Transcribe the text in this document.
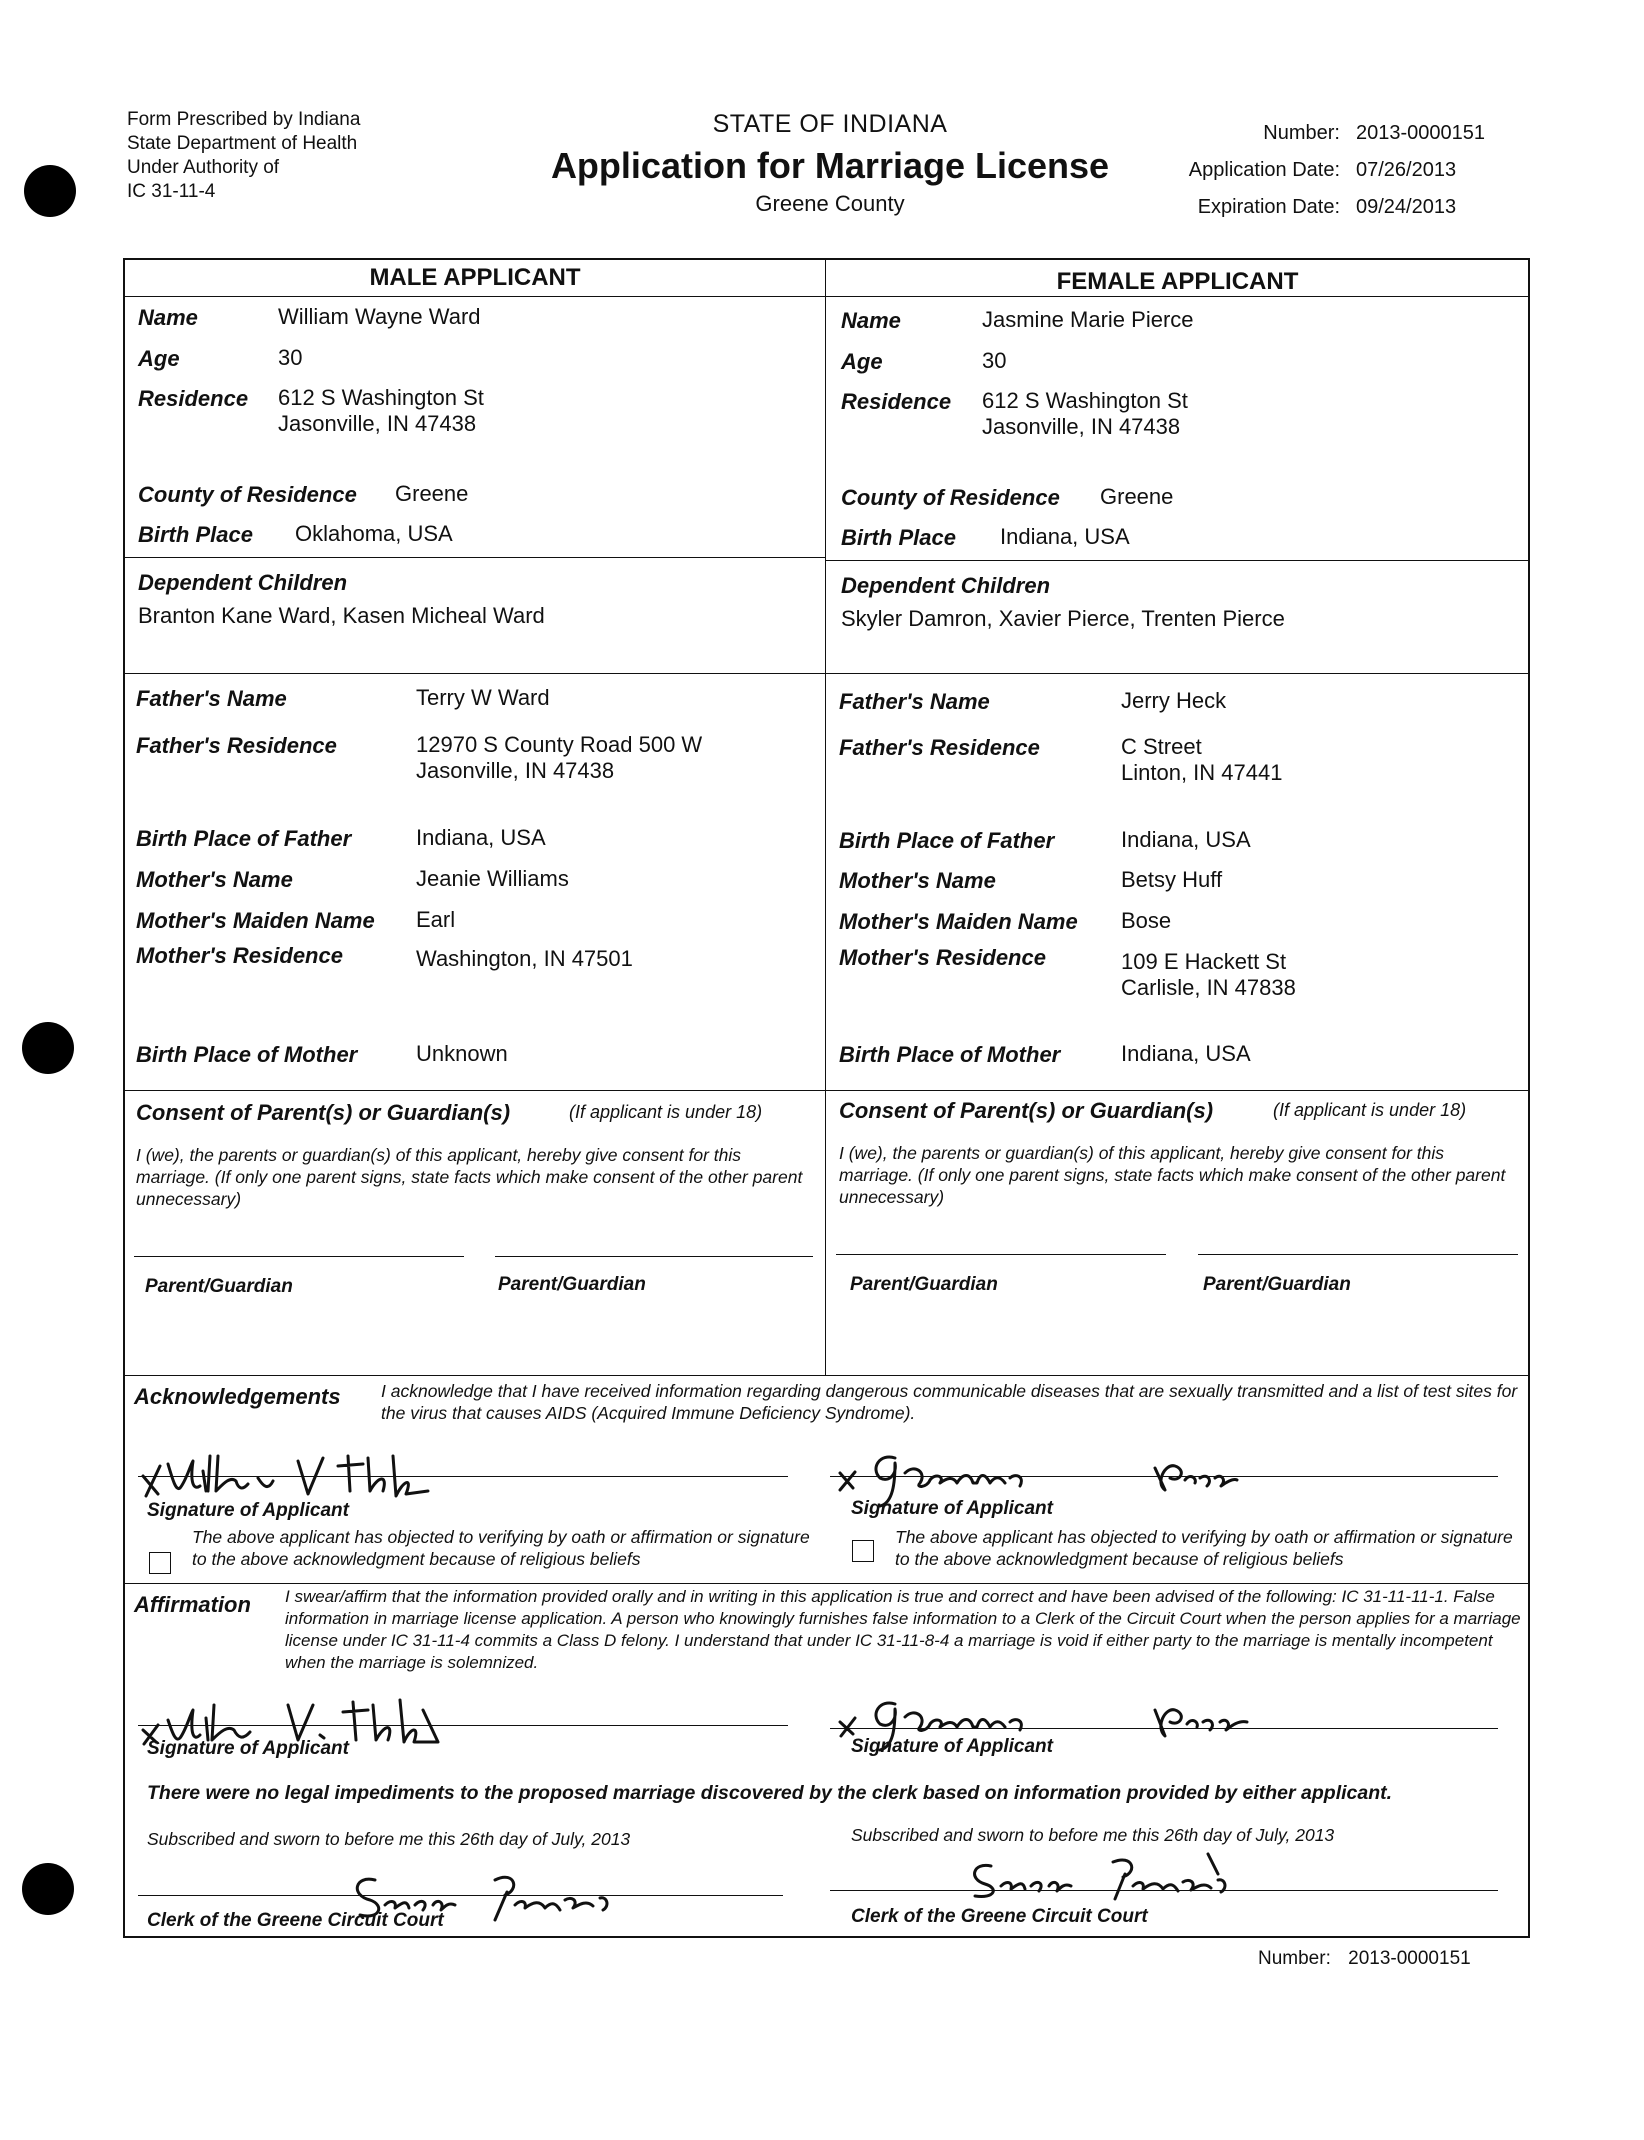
Form Prescribed by Indiana
State Department of Health
Under Authority of
IC 31-11-4
STATE OF INDIANA
Application for Marriage License
Greene County
Number: 2013-0000151
Application Date: 07/26/2013
Expiration Date: 09/24/2013
MALE APPLICANT	FEMALE APPLICANT
Name	William Wayne Ward
Age	30
Residence 612 S Washington St
Jasonville, IN 47438
County of Residence Greene
Birth Place Oklahoma, USA
Dependent Children
Branton Kane Ward, Kasen Micheal Ward
Father's Name	Terry W Ward
Father's Residence	12970 S County Road 500 W
Jasonville, IN 47438
Birth Place of Father	Indiana, USA
Mother's Name	Jeanie Williams
Mother's Maiden Name Earl
Mother's Residence	Washington, IN 47501
Birth Place of Mother	Unknown
Name	Jasmine Marie Pierce
Age	30
Residence 612 S Washington St
Jasonville, IN 47438
County of Residence Greene
Birth Place Indiana, USA
Dependent Children
Skyler Damron, Xavier Pierce, Trenten Pierce
Father's Name	Jerry Heck
Father's Residence	C Street
Linton, IN 47441
Birth Place of Father	Indiana, USA
Mother's Name	Betsy Huff
Mother's Maiden Name Bose
Mother's Residence	109 E Hackett St
Carlisle, IN 47838
Birth Place of Mother	Indiana, USA
Consent of Parent(s) or Guardian(s)	(If applicant is under 18)
I (we), the parents or guardian(s) of this applicant, hereby give consent for this marriage. (If only one parent signs, state facts which make consent of the other parent unnecessary)
Parent/Guardian	Parent/Guardian
Consent of Parent(s) or Guardian(s)	(If applicant is under 18)
I (we), the parents or guardian(s) of this applicant, hereby give consent for this marriage. (If only one parent signs, state facts which make consent of the other parent unnecessary)
Parent/Guardian	Parent/Guardian
Acknowledgements I acknowledge that I have received information regarding dangerous communicable diseases that are sexually transmitted and a list of test sites for the virus that causes AIDS (Acquired Immune Deficiency Syndrome).
Signature of Applicant	Signature of Applicant
The above applicant has objected to verifying by oath or affirmation or signature to the above acknowledgment because of religious beliefs
The above applicant has objected to verifying by oath or affirmation or signature to the above acknowledgment because of religious beliefs
Affirmation I swear/affirm that the information provided orally and in writing in this application is true and correct and have been advised of the following: IC 31-11-11-1. False information in marriage license application. A person who knowingly furnishes false information to a Clerk of the Circuit Court when the person applies for a marriage license under IC 31-11-4 commits a Class D felony. I understand that under IC 31-11-8-4 a marriage is void if either party to the marriage is mentally incompetent when the marriage is solemnized.
Signature of Applicant	Signature of Applicant
There were no legal impediments to the proposed marriage discovered by the clerk based on information provided by either applicant.
Subscribed and sworn to before me this 26th day of July, 2013
Clerk of the Greene Circuit Court
Subscribed and sworn to before me this 26th day of July, 2013
Clerk of the Greene Circuit Court
Number: 2013-0000151
